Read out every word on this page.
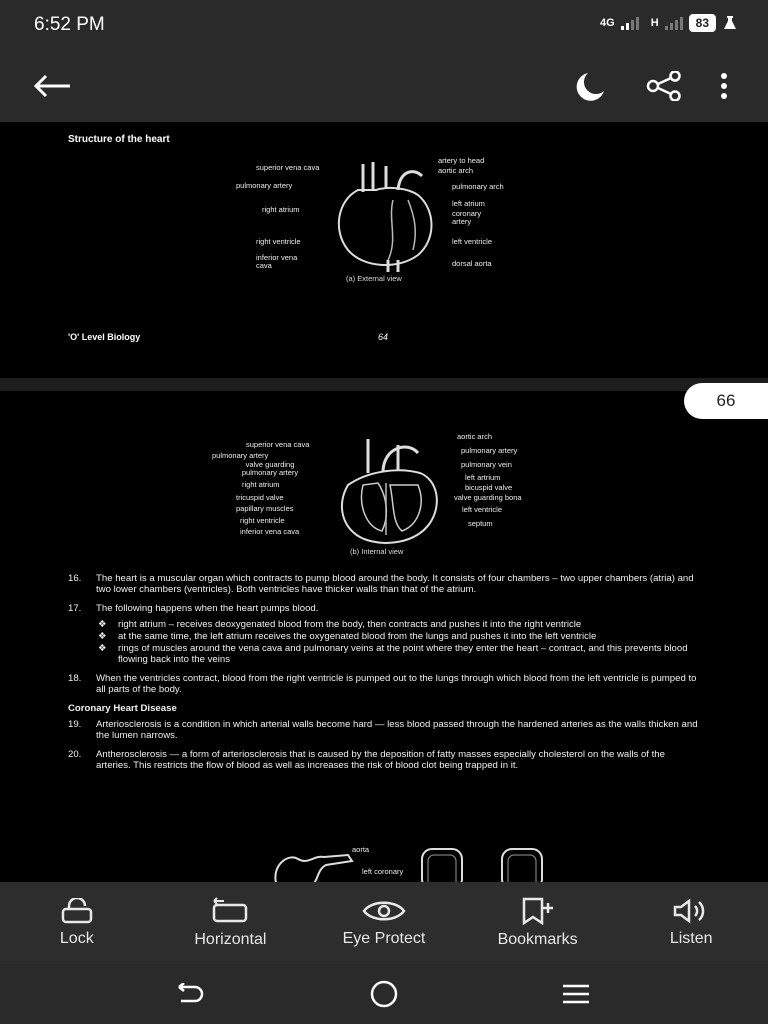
6:52 PM	4G	H	83
Structure of the heart
superior vena cava
pulmonary artery
right atrium
right ventricle
inferior vena cava
artery to head
aortic arch
pulmonary arch
left atrium
coronary artery
left ventricle
dorsal aorta
(a) External view
'O' Level Biology	64
superior vena cava
pulmonary artery
valve guarding pulmonary artery
right atrium
tricuspid valve
papillary muscles
right ventricle
inferior vena cava
aortic arch
pulmonary artery
pulmonary vein
left artrium
bicuspid valve
valve guarding bona
left ventricle
septum
(b) Internal view
16.	The heart is a muscular organ which contracts to pump blood around the body. It consists of four chambers – two upper chambers (atria) and two lower chambers (ventricles). Both ventricles have thicker walls than that of the atrium.
17.	The following happens when the heart pumps blood.
❖	right atrium – receives deoxygenated blood from the body, then contracts and pushes it into the right ventricle
❖	at the same time, the left atrium receives the oxygenated blood from the lungs and pushes it into the left ventricle
❖	rings of muscles around the vena cava and pulmonary veins at the point where they enter the heart – contract, and this prevents blood flowing back into the veins
18.	When the ventricles contract, blood from the right ventricle is pumped out to the lungs through which blood from the left ventricle is pumped to all parts of the body.
Coronary Heart Disease
19.	Arteriosclerosis is a condition in which arterial walls become hard — less blood passed through the hardened arteries as the walls thicken and the lumen narrows.
20.	Antherosclerosis — a form of arteriosclerosis that is caused by the deposition of fatty masses especially cholesterol on the walls of the arteries. This restricts the flow of blood as well as increases the risk of blood clot being trapped in it.
aorta
left coronary
66
Lock	Horizontal	Eye Protect	Bookmarks	Listen
